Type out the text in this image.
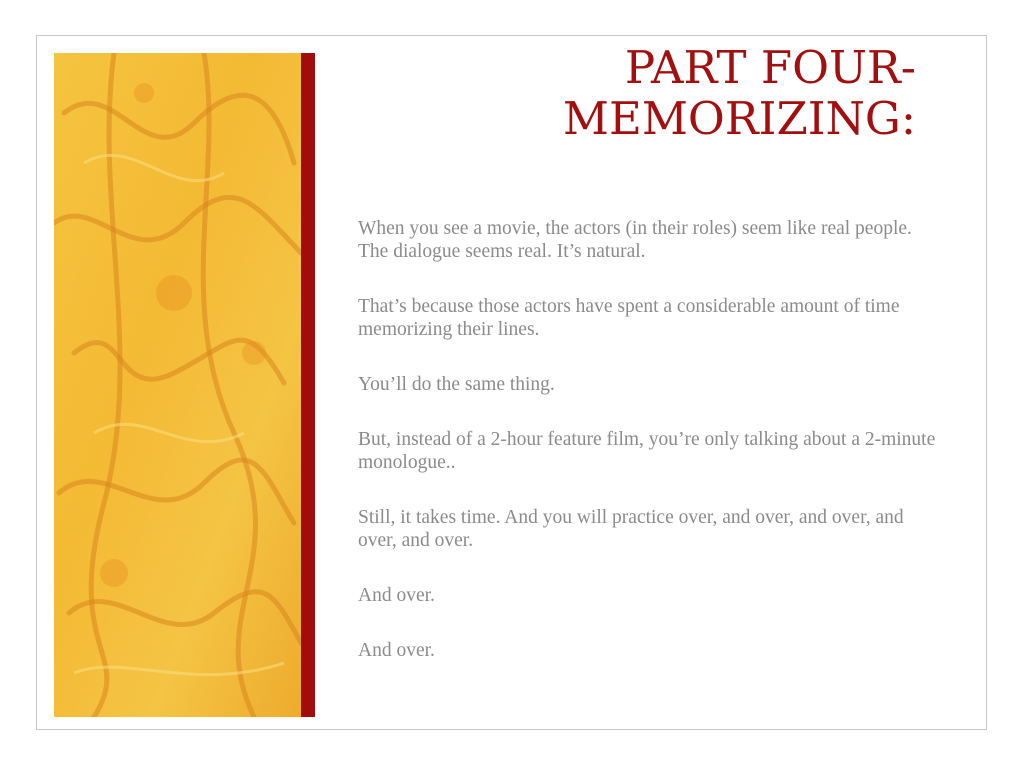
PART FOUR-
MEMORIZING:
When you see a movie, the actors (in their roles) seem like real people. The dialogue seems real. It’s natural.
That’s because those actors have spent a considerable amount of time memorizing their lines.
You’ll do the same thing.
But, instead of a 2-hour feature film, you’re only talking about a 2-minute monologue..
Still, it takes time. And you will practice over, and over, and over, and over, and over.
And over.
And over.
